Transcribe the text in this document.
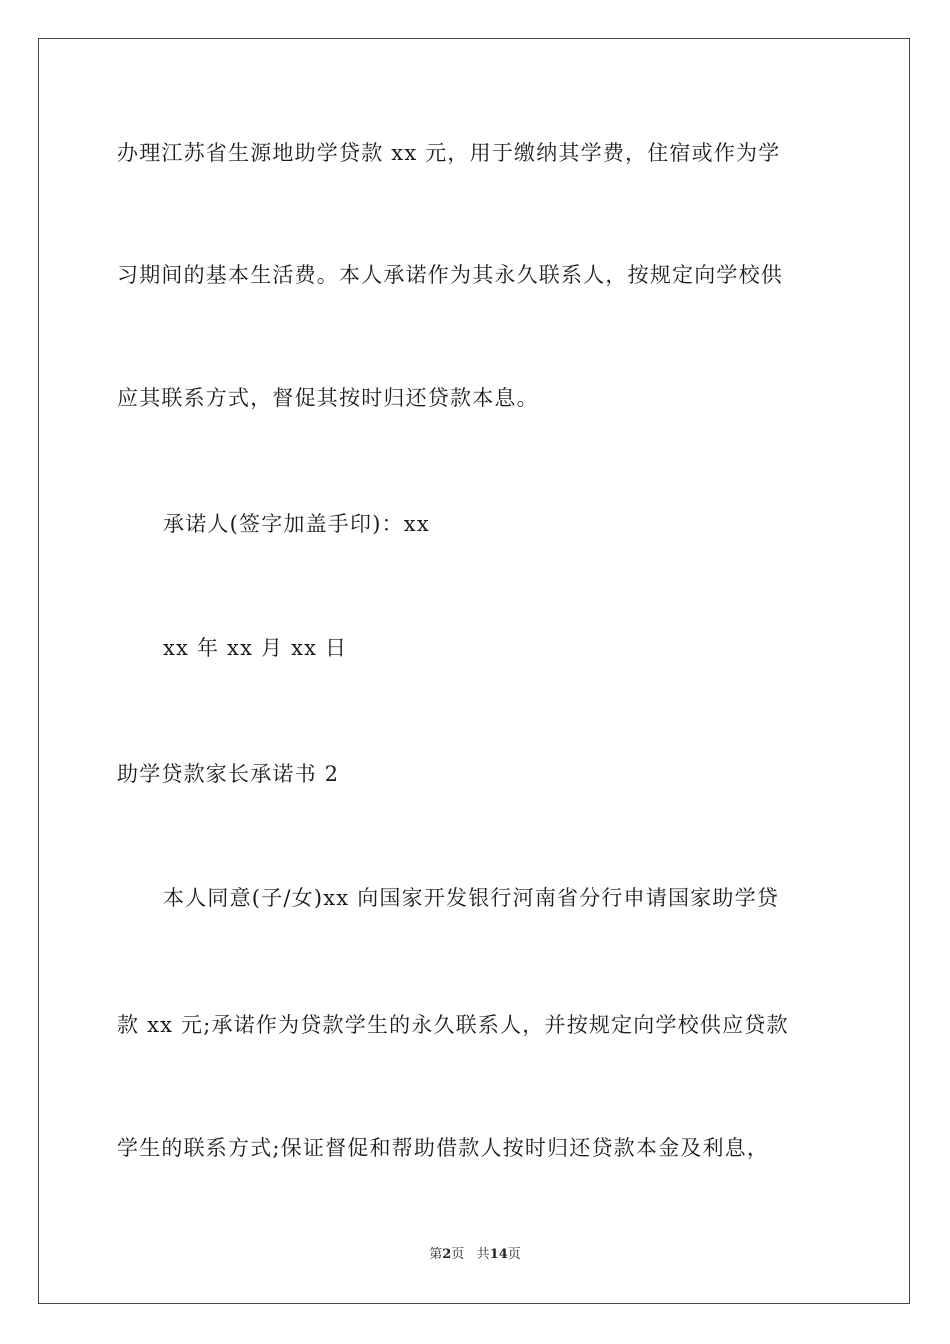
办理江苏省生源地助学贷款 xx 元，用于缴纳其学费，住宿或作为学
习期间的基本生活费。本人承诺作为其永久联系人，按规定向学校供
应其联系方式，督促其按时归还贷款本息。
承诺人(签字加盖手印)：xx
xx 年 xx 月 xx 日
助学贷款家长承诺书 2
本人同意(子/女)xx 向国家开发银行河南省分行申请国家助学贷
款 xx 元;承诺作为贷款学生的永久联系人，并按规定向学校供应贷款
学生的联系方式;保证督促和帮助借款人按时归还贷款本金及利息，
第2页 共14页
